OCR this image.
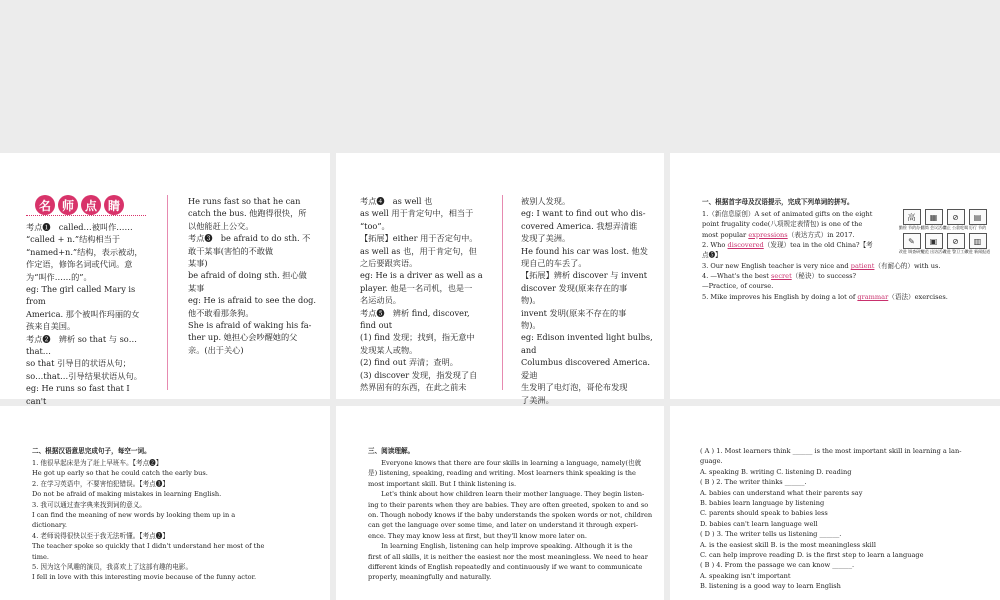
名 师 点 睛
考点❶　called…被叫作……
“called + n.”结构相当于
“named+n.”结构，表示被动，
作定语，修饰名词或代词。意
为“叫作……的”。
eg: The girl called Mary is from
America. 那个被叫作玛丽的女
孩来自美国。
考点❷　辨析 so that 与 so…
that…
so that 引导目的状语从句；
so…that…引导结果状语从句。
eg: He runs so fast that I can't

He runs fast so that he can
catch the bus. 他跑得很快，所
以他能赶上公交。
考点❸　be afraid to do sth. 不
敢干某事(害怕的不敢做
某事)
be afraid of doing sth. 担心做
某事
eg: He is afraid to see the dog.
他不敢看那条狗。
She is afraid of waking his fa-
ther up. 她担心会吵醒她的父
亲。(出于关心)
考点❹　as well 也
as well 用于肯定句中，相当于
“too”。
【拓展】either 用于否定句中。
as well as 也，用于肯定句，但
之后要跟宾语。
eg: He is a driver as well as a
player. 他是一名司机，也是一
名运动员。
考点❺　辨析 find, discover,
find out
(1) find 发现；找到，指无意中
发现某人或物。
(2) find out 弄清；查明。
(3) discover 发现，指发现了自
然界固有的东西，在此之前未
被别人发现。
eg: I want to find out who dis-
covered America. 我想弄清谁
发现了美洲。
He found his car was lost. 他发
现自己的车丢了。
【拓展】辨析 discover 与 invent
discover 发现(原来存在的事
物)。
invent 发明(原来不存在的事
物)。
eg: Edison invented light bulbs, and
Columbus discovered America. 爱迪
生发明了电灯泡，哥伦布发现
了美洲。
一、根据首字母及汉语提示，完成下列单词的拼写。
1.（新信息原创）A set of animated gifts on the eight
point frugality code(八项规定表情包) is one of the
most popular expressions（表达方式）in 2017.
高
勤俭 节约办公
▦
精简 会议活动
⊘
禁止 公款吃喝
▤
厉行 节约
✎
改进 调查研究
▣
规范 出访活动
⊘
改进 警卫工作
▥
改进 新闻报道
2. Who discovered（发现）tea in the old China?【考
点❺】
3. Our new English teacher is very nice and patient（有耐心的）with us.
4. —What's the best secret（秘诀）to success?
—Practice, of course.
5. Mike improves his English by doing a lot of grammar（语法）exercises.
二、根据汉语意思完成句子，每空一词。
1. 他很早起床是为了赶上早班车。【考点❷】
He got up early so that he could catch the early bus.
2. 在学习英语中，不要害怕犯错误。【考点❸】
Do not be afraid of making mistakes in learning English.
3. 我可以通过查字典来找到词的意义。
I can find the meaning of new words by looking them up in a
dictionary.
4. 老师说得很快以至于我无法听懂。【考点❷】
The teacher spoke so quickly that I didn't understand her most of the
time.
5. 因为这个风趣的演员，我喜欢上了这部有趣的电影。
I fell in love with this interesting movie because of the funny actor.
三、阅读理解。
　　Everyone knows that there are four skills in learning a language, namely(也就
是) listening, speaking, reading and writing. Most learners think speaking is the
most important skill. But I think listening is.
　　Let's think about how children learn their mother language. They begin listen-
ing to their parents when they are babies. They are often greeted, spoken to and so
on. Though nobody knows if the baby understands the spoken words or not, children
can get the language over some time, and later on understand it through experi-
ence. They may know less at first, but they'll know more later on.
　　In learning English, listening can help improve speaking. Although it is the
first of all skills, it is neither the easiest nor the most meaningless. We need to hear
different kinds of English repeatedly and continuously if we want to communicate
properly, meaningfully and naturally.
( A ) 1. Most learners think ______ is the most important skill in learning a lan-
guage.
A. speaking B. writing C. listening D. reading
( B ) 2. The writer thinks ______.
A. babies can understand what their parents say
B. babies learn language by listening
C. parents should speak to babies less
D. babies can't learn language well
( D ) 3. The writer tells us listening ______.
A. is the easiest skill B. is the most meaningless skill
C. can help improve reading D. is the first step to learn a language
( B ) 4. From the passage we can know ______.
A. speaking isn't important
B. listening is a good way to learn English
